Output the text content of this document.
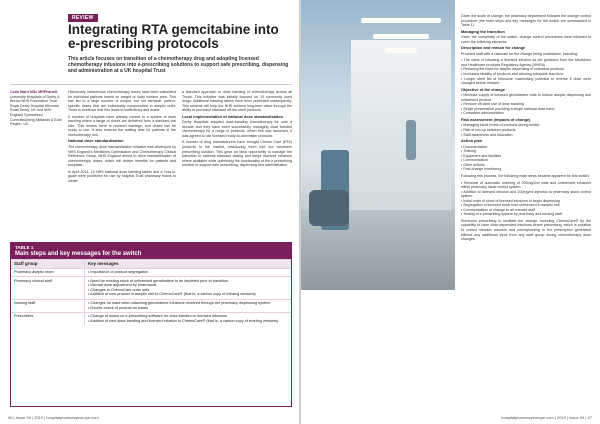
REVIEW
Integrating RTA gemcitabine into e-prescribing protocols

This article focuses on transition of a chemotherapy drug and adopting licensed chemotherapy infusions into e-prescribing solutions to support safe prescribing, dispensing and administration at a UK hospital Trust

Colin Ward MSc MRPharmS
University Hospitals of Derby & Burton NHS Foundation Trust Royal Derby Hospital Uttoxeter Road Derby, UK and NHS England Specialised Commissioning Midlands & East Region, UK

Historically, intravenous chemotherapy doses have been calculated for individual patients based on weight or body surface area. This has led to a large number of unique, but not identical, patient-specific doses that are individually compounded in aseptic units. There is evidence that this leads to inefficiency and waste.

A number of hospitals have already moved to a system of dose banding where a range of doses are delivered from a standard vial size. This means there is reduced wastage, and doses can be ready to use. It also reduces the waiting time for patients in the chemotherapy unit.

National dose standardisation

The chemotherapy dose standardisation initiative was developed by NHS England's Medicines Optimisation and Chemotherapy Clinical Reference Group. NHS England aimed to drive standardisation of chemotherapy doses, which will deliver benefits for patients and hospitals.

In April 2014, 19 NHS National dose banding tables and a 'how to' guide were published for use by hospital Trust pharmacy teams to create

a standard approach to dose banding of chemotherapy across all Trusts. This initiative was initially focused on 10 commonly used drugs. Additional banding tables have been published subsequently. This scheme will help the NHS achieve long-term value through the ability to purchase standard off-the-shelf products.

Local implementation of national dose standardisation

Derby Hospitals adopted dose-banding chemotherapy for over a decade and they have been successfully managing dose banded chemotherapy for a range of products. When this was launched, it was agreed to use licensed ready-to-administer products.

A number of drug manufacturers have brought Chemo Care (RTA) products to the market, introducing them into our electronic prescribing solution. This gave an ideal opportunity to manage the transition to national standard dosing and adopt licensed infusions where available while optimising the functionality of the e-prescribing solution to support safe prescribing, dispensing and administration.

TABLE 1
Main steps and key messages for the switch
Staff group	Key messages
Pharmacy aseptic team	• Importance of product segregation
Pharmacy clinical staff	• Need for existing stock of unlicensed gemcitabine to be depleted prior to transition
• Manual dose adjustment by pharmacist
• Changes to ChemoCare order sets
• Addition of new product in aseptic unit to ChemoCare® (that is, a carbon copy of existing versions)
Nursing staff	• Changes for ward when attaching gemcitabine infusions received through the pharmacy dispensing system
• Double-check of product on wards
Prescribers	• Change of doses on e-prescribing software for dose-banded or licensed infusions
• Addition of new dose-banding and licensed infusion to ChemoCare® (that is, a carbon copy of existing versions)
96 | Issue 99 | 2019 | hospitalpharmacyeurope.com

Given the scale of change, the pharmacy department followed the change control procedure (the main steps and key messages for the switch are summarised in Table 1).

Managing the transition

Given the complexity of the switch, change control procedures were followed to cover the following elements:

Description and reason for change

Provided staff with a rationale for the change being undertaken, including:

• The value of following a licensed infusion as per guidance from the Medicines and Healthcare products Regulatory Agency (MHRA)
• Reducing the need for aseptic dispensing of individual products
• Increased stability of products and allowing adequate lead time
• Longer shelf life of infusions, maximising potential to reverse if dose were changed before infusion

Objective of the change

• Minimise supply of licensed gemcitabine vials to reduce aseptic dispensing and unlicensed product
• Remove off-label use of dose banding
• Single presentation providing a single national dose band
• Consistent administration

Risk assessment (impacts of change)

• Managing stock levels of products during switch
• Risk of mix-up between products
• Staff awareness and education

Action plan

• Documentation
• Training
• Equipment and facilities
• Communication
• Other actions
• Post-change monitoring

Following this process, the following main steps became apparent for this switch:

• Removal of automatic ordering of 200mg/2ml vials and unlicensed infusions within pharmacy stock control system
• Addition of licensed infusion and 200mg/ml injection to pharmacy stock control system
• Initial order of stock of licensed infusions to begin dispensing
• Segregation of licensed stock from unlicensed in aseptic unit
• Communication of change to all relevant staff
• Testing of e-prescribing system by pharmacy and nursing staff

Electronic prescribing to facilitate the change, including ChemoCare® by the capability to have dose-dependent infusions where prescribing, which is possible to correct infusion volumes and corresponding to the prescription generated without any additional input from any staff group during chemotherapy dose changes.

hospitalpharmacyeurope.com | 2019 | Issue 99 | 97
